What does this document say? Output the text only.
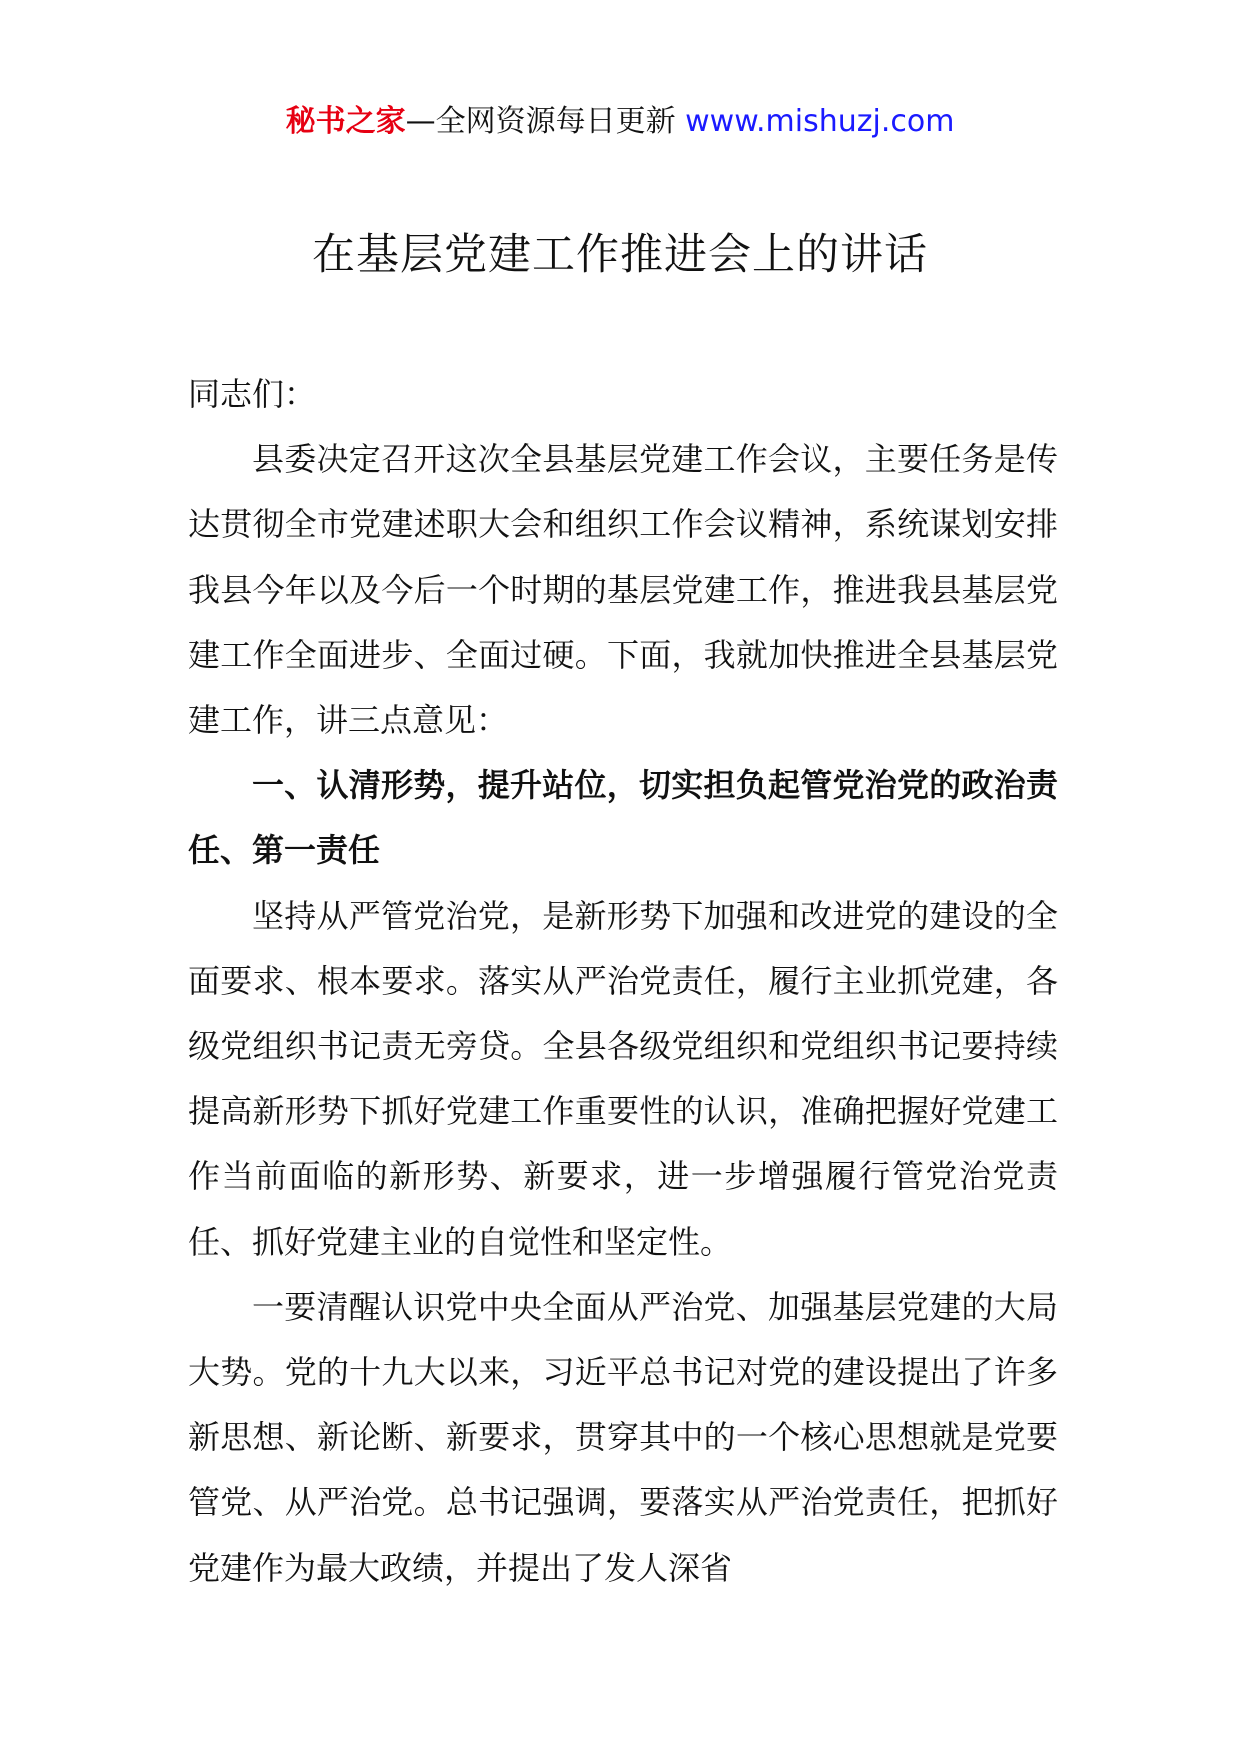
秘书之家—全网资源每日更新 www.mishuzj.com
在基层党建工作推进会上的讲话

同志们：

县委决定召开这次全县基层党建工作会议，主要任务是传达贯彻全市党建述职大会和组织工作会议精神，系统谋划安排我县今年以及今后一个时期的基层党建工作，推进我县基层党建工作全面进步、全面过硬。下面，我就加快推进全县基层党建工作，讲三点意见：

一、认清形势，提升站位，切实担负起管党治党的政治责任、第一责任

坚持从严管党治党，是新形势下加强和改进党的建设的全面要求、根本要求。落实从严治党责任，履行主业抓党建，各级党组织书记责无旁贷。全县各级党组织和党组织书记要持续提高新形势下抓好党建工作重要性的认识，准确把握好党建工作当前面临的新形势、新要求，进一步增强履行管党治党责任、抓好党建主业的自觉性和坚定性。

一要清醒认识党中央全面从严治党、加强基层党建的大局大势。党的十九大以来，习近平总书记对党的建设提出了许多新思想、新论断、新要求，贯穿其中的一个核心思想就是党要管党、从严治党。总书记强调，要落实从严治党责任，把抓好党建作为最大政绩，并提出了发人深省
